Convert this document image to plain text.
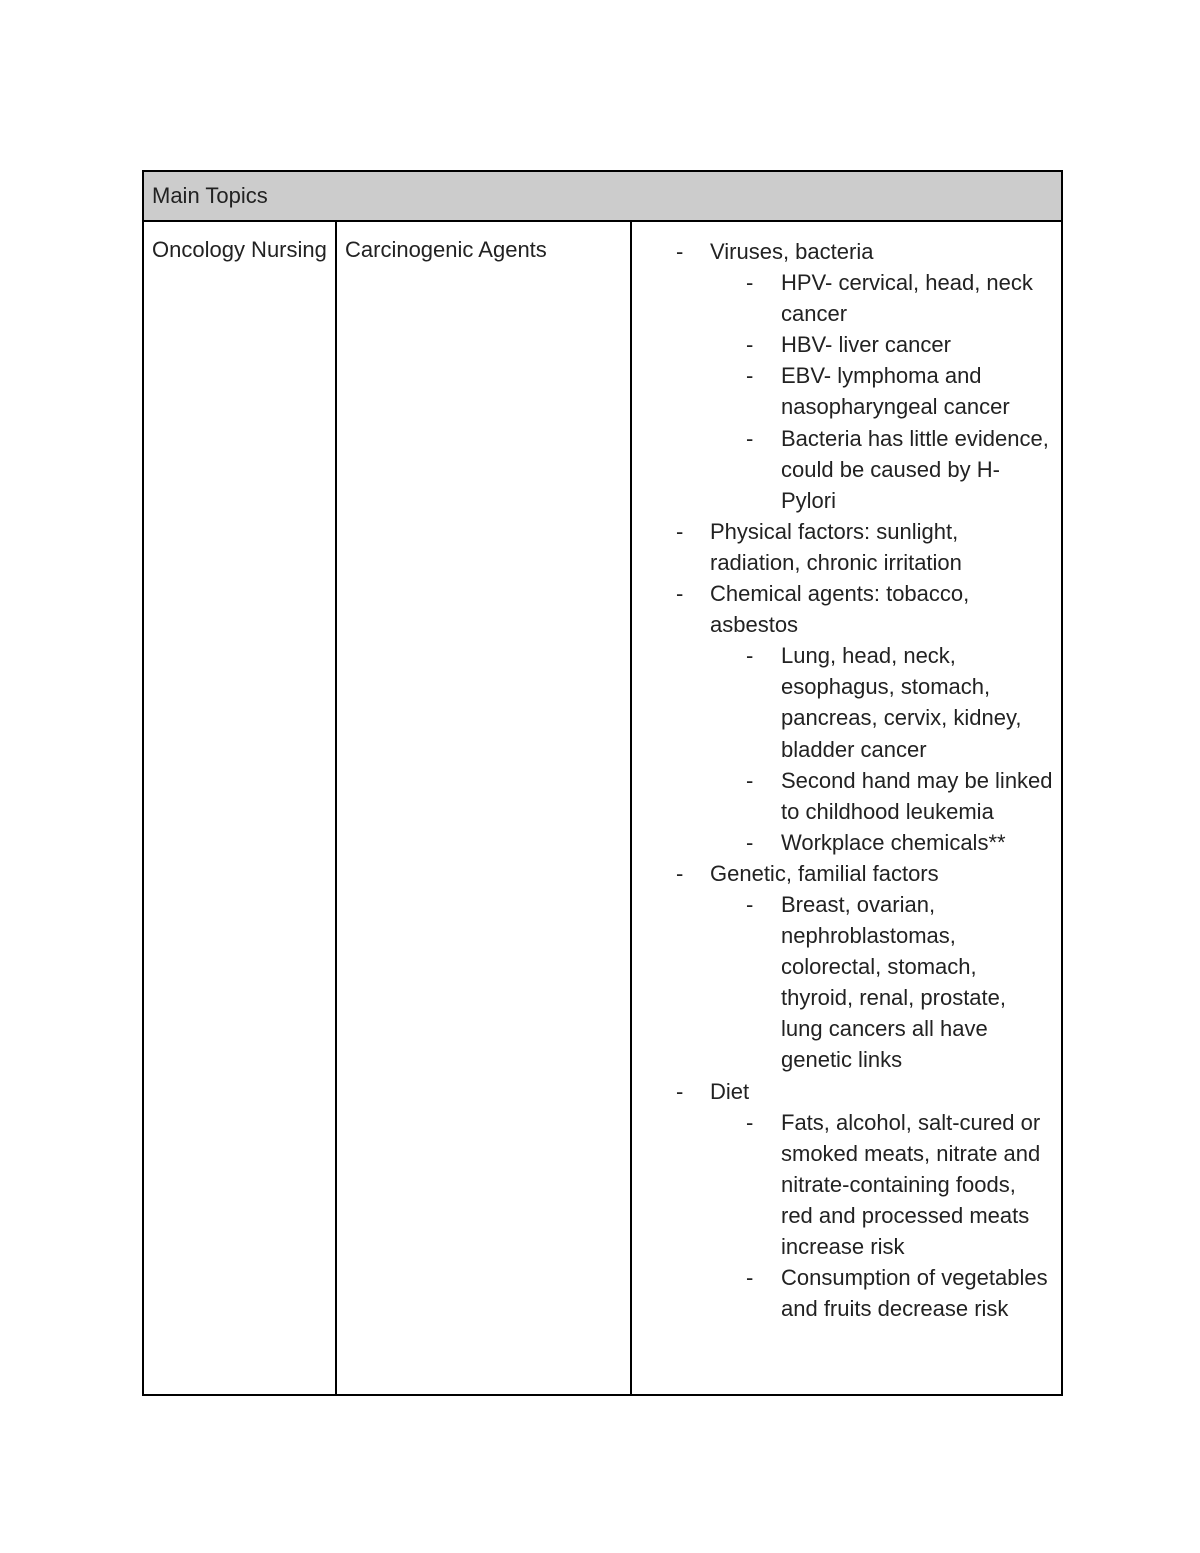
Main Topics

Oncology Nursing	Carcinogenic Agents

-Viruses, bacteria
- HPV- cervical, head, neck cancer
- HBV- liver cancer
- EBV- lymphoma and nasopharyngeal cancer
- Bacteria has little evidence, could be caused by H-Pylori
- Physical factors: sunlight, radiation, chronic irritation
- Chemical agents: tobacco, asbestos
- Lung, head, neck, esophagus, stomach, pancreas, cervix, kidney, bladder cancer
- Second hand may be linked to childhood leukemia
- Workplace chemicals**
- Genetic, familial factors
- Breast, ovarian, nephroblastomas, colorectal, stomach, thyroid, renal, prostate, lung cancers all have genetic links
- Diet
- Fats, alcohol, salt-cured or smoked meats, nitrate and nitrate-containing foods, red and processed meats increase risk
- Consumption of vegetables and fruits decrease risk
